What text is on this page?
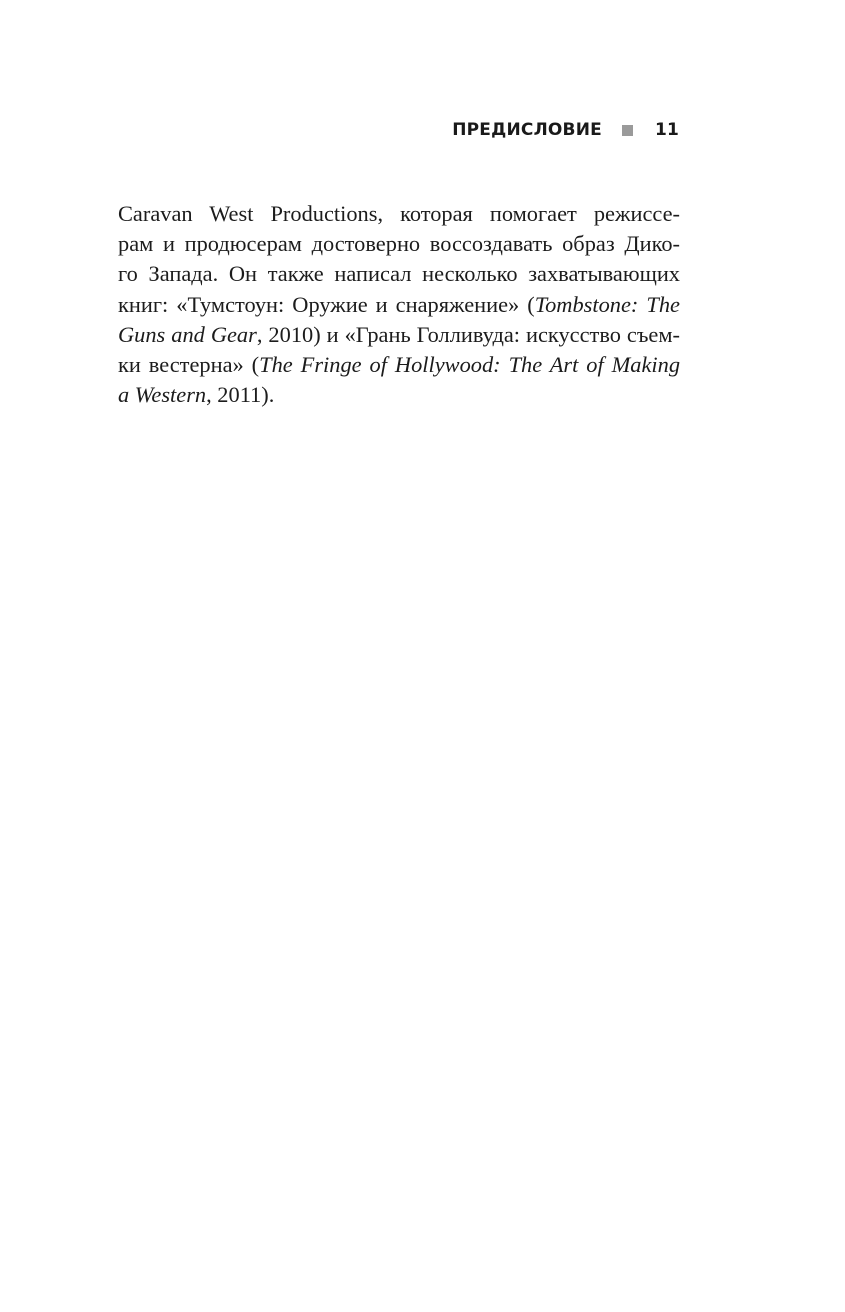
ПРЕДИСЛОВИЕ	11
Caravan West Productions, которая помогает режиссе-
рам и продюсерам достоверно воссоздавать образ Дико-
го Запада. Он также написал несколько захватывающих
книг: «Тумстоун: Оружие и снаряжение» (Tombstone: The
Guns and Gear, 2010) и «Грань Голливуда: искусство съем-
ки вестерна» (The Fringe of Hollywood: The Art of Making
a Western, 2011).
